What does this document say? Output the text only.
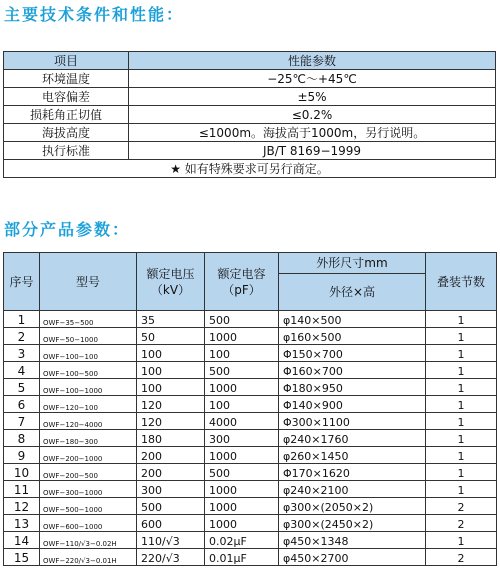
主要技术条件和性能：
项目	性能参数
环境温度	−25℃～+45℃
电容偏差	±5%
损耗角正切值	≤0.2%
海拔高度	≤1000m。海拔高于1000m，另行说明。
执行标准	JB/T 8169−1999
★ 如有特殊要求可另行商定。	
部分产品参数：
序号	型号	额定电压（kV）	额定电容（pF）	外形尺寸mm	叠装节数
				外径×高	
1	OWF−35−500	35	500	φ140×500	1
2	OWF−50−1000	50	1000	φ160×500	1
3	OWF−100−100	100	100	Φ150×700	1
4	OWF−100−500	100	500	Φ160×700	1
5	OWF−100−1000	100	1000	Φ180×950	1
6	OWF−120−100	120	100	Φ140×900	1
7	OWF−120−4000	120	4000	Φ300×1100	1
8	OWF−180−300	180	300	φ240×1760	1
9	OWF−200−1000	200	1000	φ260×1450	1
10	OWF−200−500	200	500	Φ170×1620	1
11	OWF−300−1000	300	1000	φ240×2100	1
12	OWF−500−1000	500	1000	φ300×(2050×2)	2
13	OWF−600−1000	600	1000	φ300×(2450×2)	2
14	OWF−110/√3−0.02H	110/√3	0.02μF	φ450×1348	1
15	OWF−220/√3−0.01H	220/√3	0.01μF	φ450×2700	2
